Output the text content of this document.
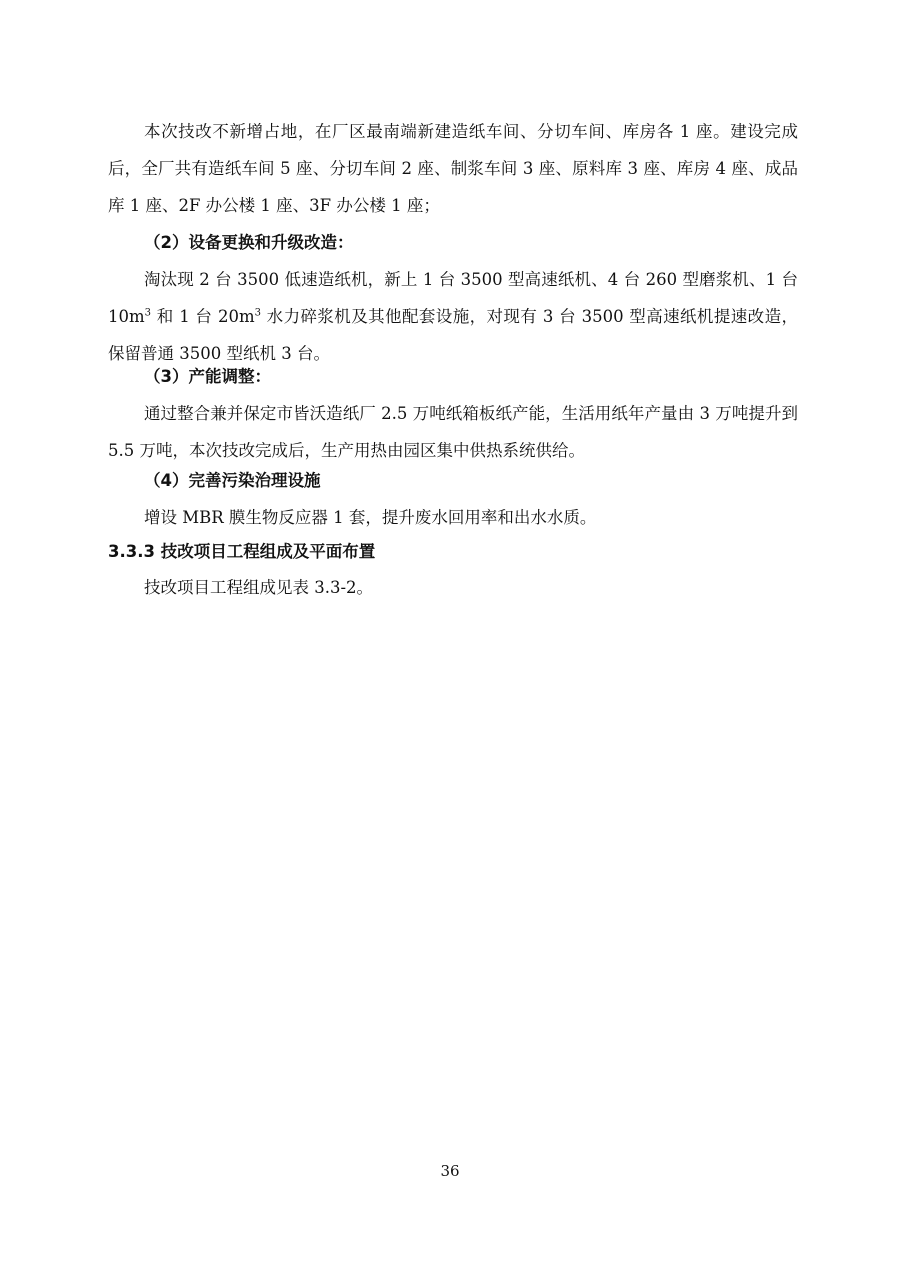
本次技改不新增占地，在厂区最南端新建造纸车间、分切车间、库房各 1 座。建设完成后，全厂共有造纸车间 5 座、分切车间 2 座、制浆车间 3 座、原料库 3 座、库房 4 座、成品库 1 座、2F 办公楼 1 座、3F 办公楼 1 座；

（2）设备更换和升级改造：

淘汰现 2 台 3500 低速造纸机，新上 1 台 3500 型高速纸机、4 台 260 型磨浆机、1 台 $10m^3$ 和 1 台 $20m^3$ 水力碎浆机及其他配套设施，对现有 3 台 3500 型高速纸机提速改造，保留普通 3500 型纸机 3 台。

（3）产能调整：

通过整合兼并保定市皆沃造纸厂 2.5 万吨纸箱板纸产能，生活用纸年产量由 3 万吨提升到 5.5 万吨，本次技改完成后，生产用热由园区集中供热系统供给。

（4）完善污染治理设施

增设 MBR 膜生物反应器 1 套，提升废水回用率和出水水质。

3.3.3 技改项目工程组成及平面布置

技改项目工程组成见表 3.3-2。

36
